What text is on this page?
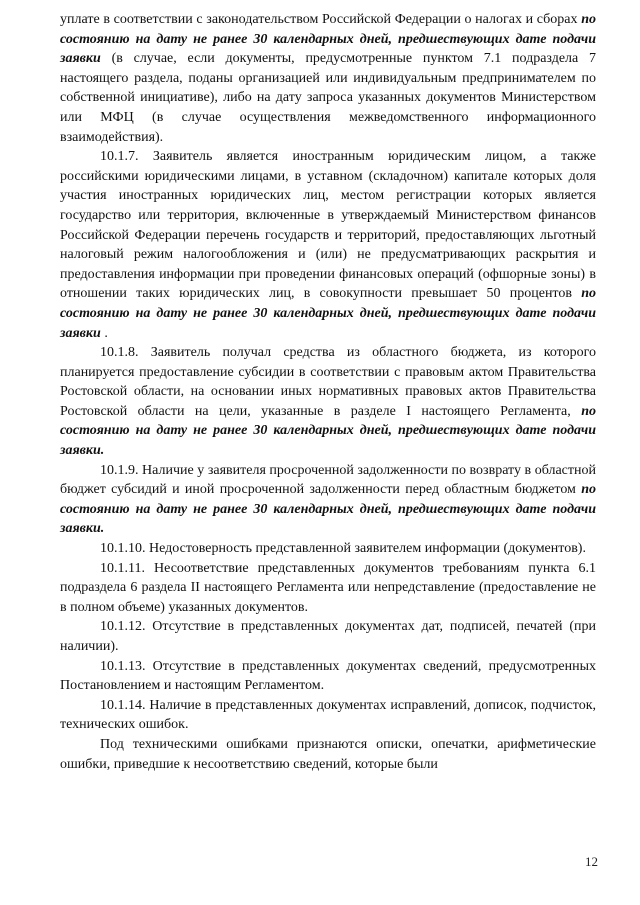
уплате в соответствии с законодательством Российской Федерации о налогах и сборах по состоянию на дату не ранее 30 календарных дней, предшествующих дате подачи заявки (в случае, если документы, предусмотренные пунктом 7.1 подраздела 7 настоящего раздела, поданы организацией или индивидуальным предпринимателем по собственной инициативе), либо на дату запроса указанных документов Министерством или МФЦ (в случае осуществления межведомственного информационного взаимодействия).

10.1.7. Заявитель является иностранным юридическим лицом, а также российскими юридическими лицами, в уставном (складочном) капитале которых доля участия иностранных юридических лиц, местом регистрации которых является государство или территория, включенные в утверждаемый Министерством финансов Российской Федерации перечень государств и территорий, предоставляющих льготный налоговый режим налогообложения и (или) не предусматривающих раскрытия и предоставления информации при проведении финансовых операций (офшорные зоны) в отношении таких юридических лиц, в совокупности превышает 50 процентов по состоянию на дату не ранее 30 календарных дней, предшествующих дате подачи заявки .

10.1.8. Заявитель получал средства из областного бюджета, из которого планируется предоставление субсидии в соответствии с правовым актом Правительства Ростовской области, на основании иных нормативных правовых актов Правительства Ростовской области на цели, указанные в разделе I настоящего Регламента, по состоянию на дату не ранее 30 календарных дней, предшествующих дате подачи заявки.

10.1.9. Наличие у заявителя просроченной задолженности по возврату в областной бюджет субсидий и иной просроченной задолженности перед областным бюджетом по состоянию на дату не ранее 30 календарных дней, предшествующих дате подачи заявки.

10.1.10. Недостоверность представленной заявителем информации (документов).

10.1.11. Несоответствие представленных документов требованиям пункта 6.1 подраздела 6 раздела II настоящего Регламента или непредставление (предоставление не в полном объеме) указанных документов.

10.1.12. Отсутствие в представленных документах дат, подписей, печатей (при наличии).

10.1.13. Отсутствие в представленных документах сведений, предусмотренных Постановлением и настоящим Регламентом.

10.1.14. Наличие в представленных документах исправлений, дописок, подчисток, технических ошибок.

Под техническими ошибками признаются описки, опечатки, арифметические ошибки, приведшие к несоответствию сведений, которые были

12
